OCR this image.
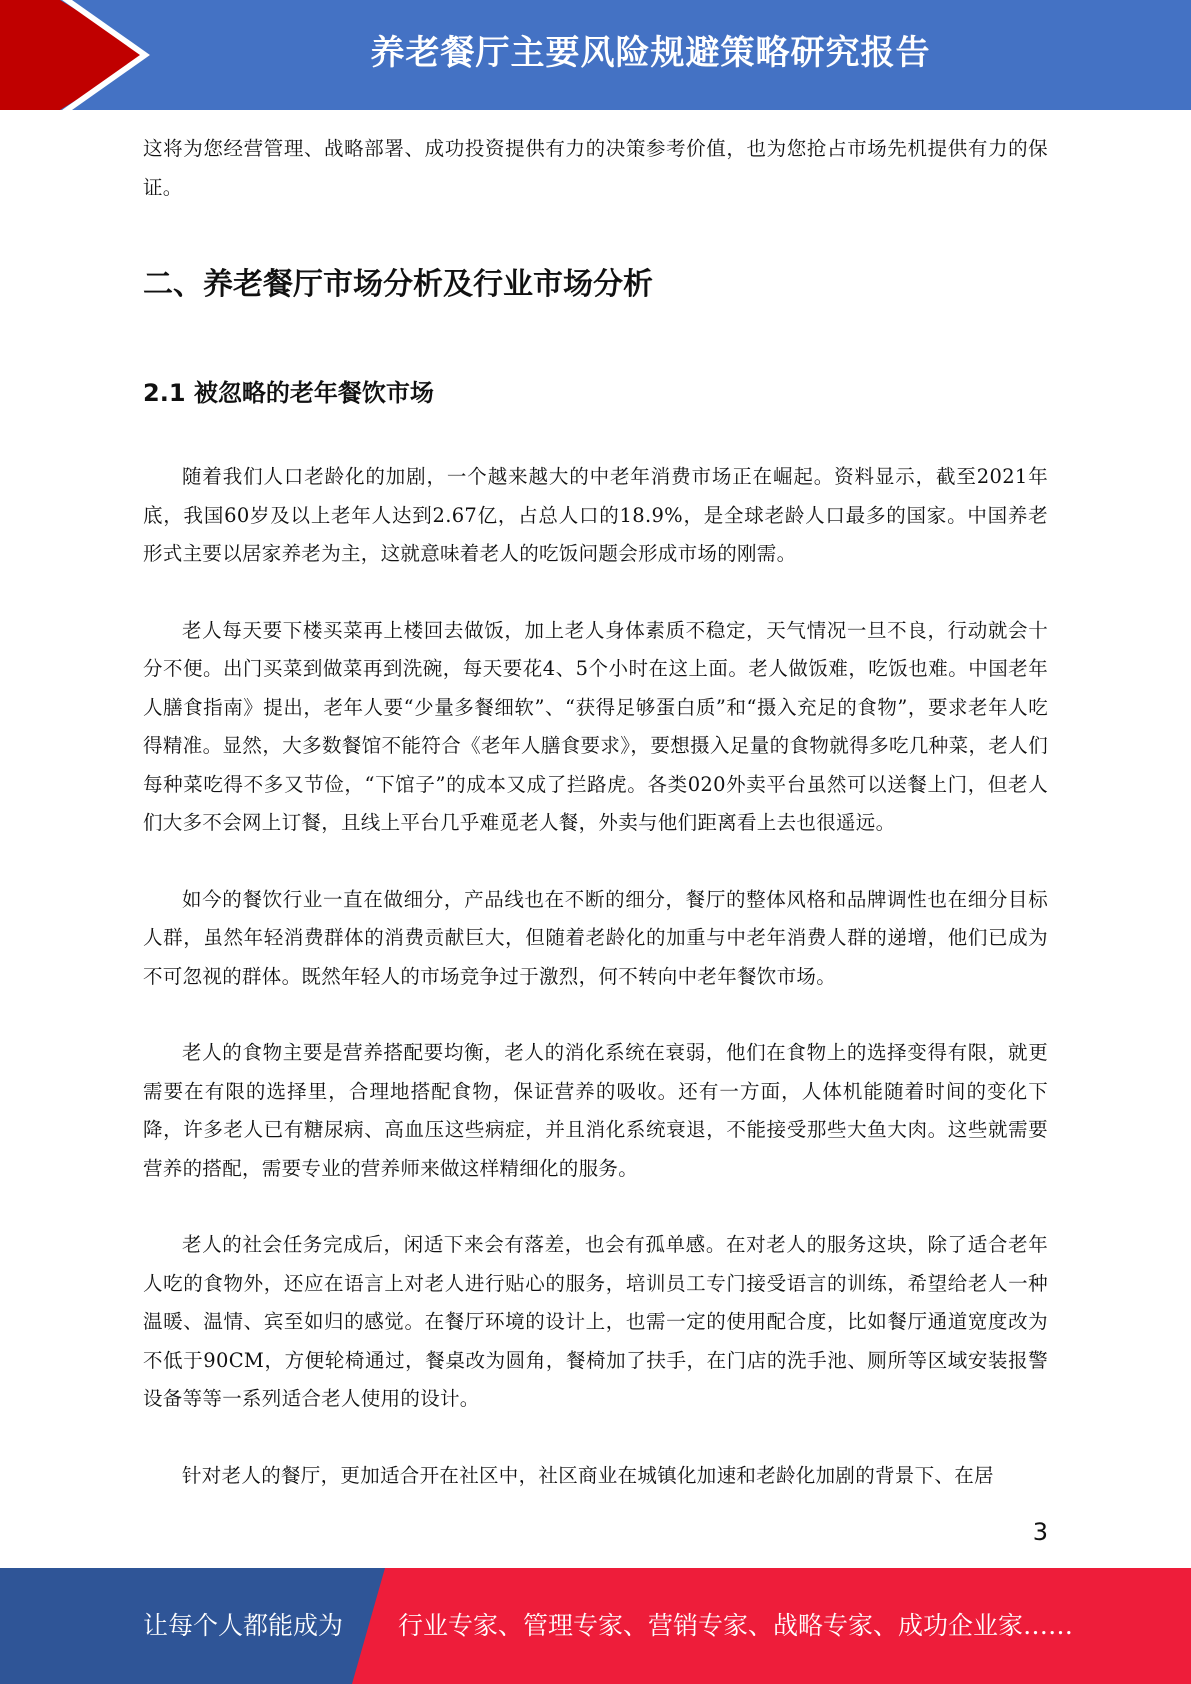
养老餐厅主要风险规避策略研究报告

这将为您经营管理、战略部署、成功投资提供有力的决策参考价值，也为您抢占市场先机提供有力的保证。

二、养老餐厅市场分析及行业市场分析
2.1 被忽略的老年餐饮市场

随着我们人口老龄化的加剧，一个越来越大的中老年消费市场正在崛起。资料显示，截至2021年底，我国60岁及以上老年人达到2.67亿，占总人口的18.9%，是全球老龄人口最多的国家。中国养老形式主要以居家养老为主，这就意味着老人的吃饭问题会形成市场的刚需。

老人每天要下楼买菜再上楼回去做饭，加上老人身体素质不稳定，天气情况一旦不良，行动就会十分不便。出门买菜到做菜再到洗碗，每天要花4、5个小时在这上面。老人做饭难，吃饭也难。中国老年人膳食指南》提出，老年人要“少量多餐细软”、“获得足够蛋白质”和“摄入充足的食物”，要求老年人吃得精准。显然，大多数餐馆不能符合《老年人膳食要求》，要想摄入足量的食物就得多吃几种菜，老人们每种菜吃得不多又节俭，“下馆子”的成本又成了拦路虎。各类020外卖平台虽然可以送餐上门，但老人们大多不会网上订餐，且线上平台几乎难觅老人餐，外卖与他们距离看上去也很遥远。

如今的餐饮行业一直在做细分，产品线也在不断的细分，餐厅的整体风格和品牌调性也在细分目标人群，虽然年轻消费群体的消费贡献巨大，但随着老龄化的加重与中老年消费人群的递增，他们已成为不可忽视的群体。既然年轻人的市场竞争过于激烈，何不转向中老年餐饮市场。

老人的食物主要是营养搭配要均衡，老人的消化系统在衰弱，他们在食物上的选择变得有限，就更需要在有限的选择里，合理地搭配食物，保证营养的吸收。还有一方面，人体机能随着时间的变化下降，许多老人已有糖尿病、高血压这些病症，并且消化系统衰退，不能接受那些大鱼大肉。这些就需要营养的搭配，需要专业的营养师来做这样精细化的服务。

老人的社会任务完成后，闲适下来会有落差，也会有孤单感。在对老人的服务这块，除了适合老年人吃的食物外，还应在语言上对老人进行贴心的服务，培训员工专门接受语言的训练，希望给老人一种温暖、温情、宾至如归的感觉。在餐厅环境的设计上，也需一定的使用配合度，比如餐厅通道宽度改为不低于90CM，方便轮椅通过，餐桌改为圆角，餐椅加了扶手，在门店的洗手池、厕所等区域安装报警设备等等一系列适合老人使用的设计。

针对老人的餐厅，更加适合开在社区中，社区商业在城镇化加速和老龄化加剧的背景下、在居

3
让每个人都能成为 行业专家、管理专家、营销专家、战略专家、成功企业家……
